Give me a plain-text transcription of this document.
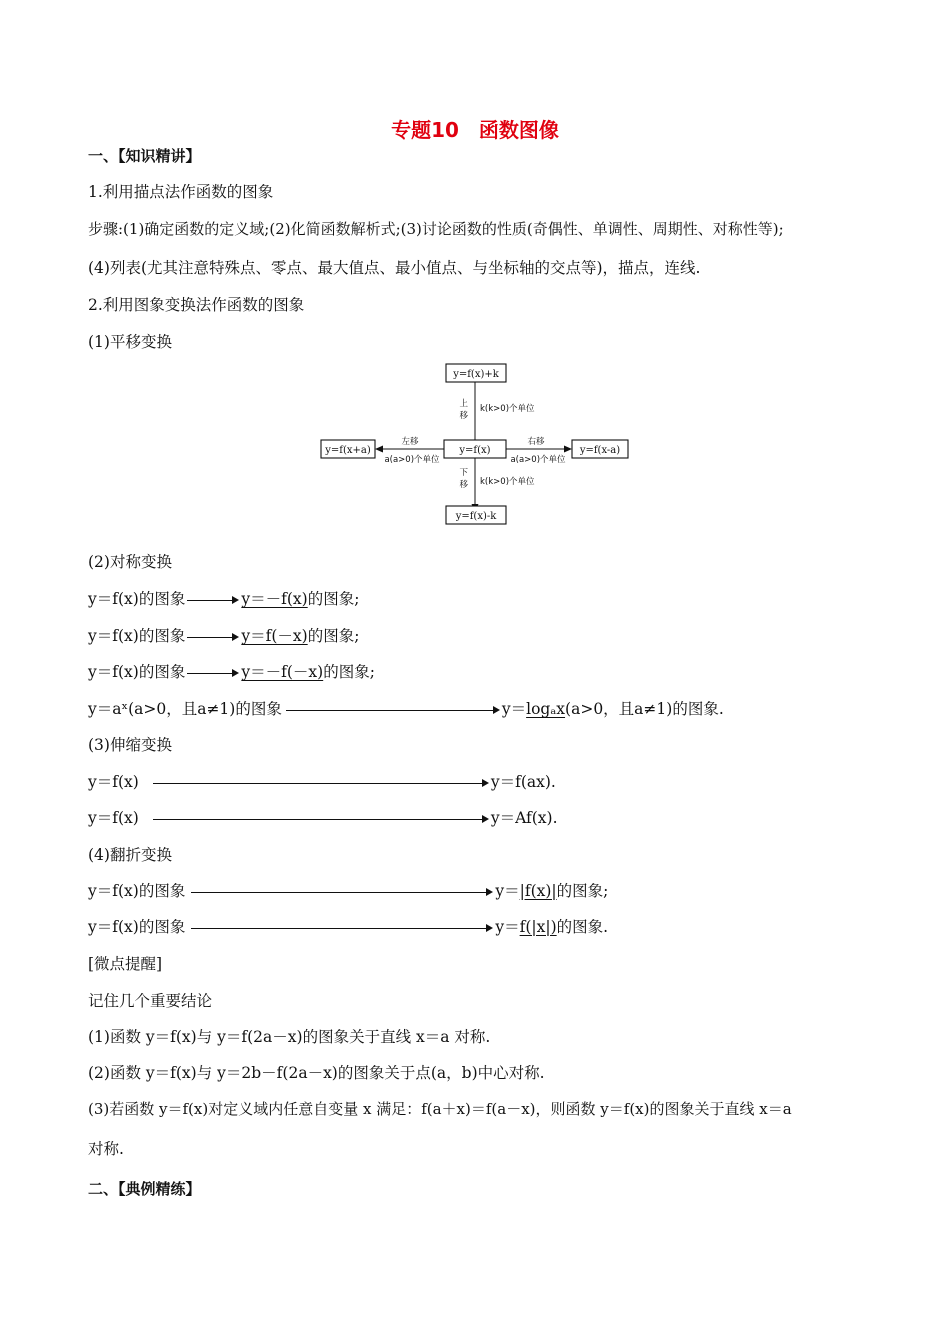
专题10　函数图像
一、【知识精讲】
1.利用描点法作函数的图象
步骤:(1)确定函数的定义域;(2)化简函数解析式;(3)讨论函数的性质(奇偶性、单调性、周期性、对称性等);
(4)列表(尤其注意特殊点、零点、最大值点、最小值点、与坐标轴的交点等)，描点，连线.
2.利用图象变换法作函数的图象
(1)平移变换
y=f(x)+k
y=f(x)
y=f(x)-k
y=f(x+a)	y=f(x-a)
上
移
k(k>0)个单位
下
移 k(k>0)个单位
左移
a(a>0)个单位
右移
a(a>0)个单位
(2)对称变换
y＝f(x)的图象	y＝－f(x)的图象;
y＝f(x)的图象	y＝f(－x)的图象;
y＝f(x)的图象	y＝－f(－x)的图象;
y＝aˣ(a>0，且a≠1)的图象	y＝logₐx(a>0，且a≠1)的图象.
(3)伸缩变换
y＝f(x)	y＝f(ax).
y＝f(x)	y＝Af(x).
(4)翻折变换
y＝f(x)的图象	y＝|f(x)|的图象;
y＝f(x)的图象	y＝f(|x|)的图象.
[微点提醒]
记住几个重要结论
(1)函数 y＝f(x)与 y＝f(2a－x)的图象关于直线 x＝a 对称.
(2)函数 y＝f(x)与 y＝2b－f(2a－x)的图象关于点(a，b)中心对称.
(3)若函数 y＝f(x)对定义域内任意自变量 x 满足：f(a＋x)＝f(a－x)，则函数 y＝f(x)的图象关于直线 x＝a
对称.
二、【典例精练】
